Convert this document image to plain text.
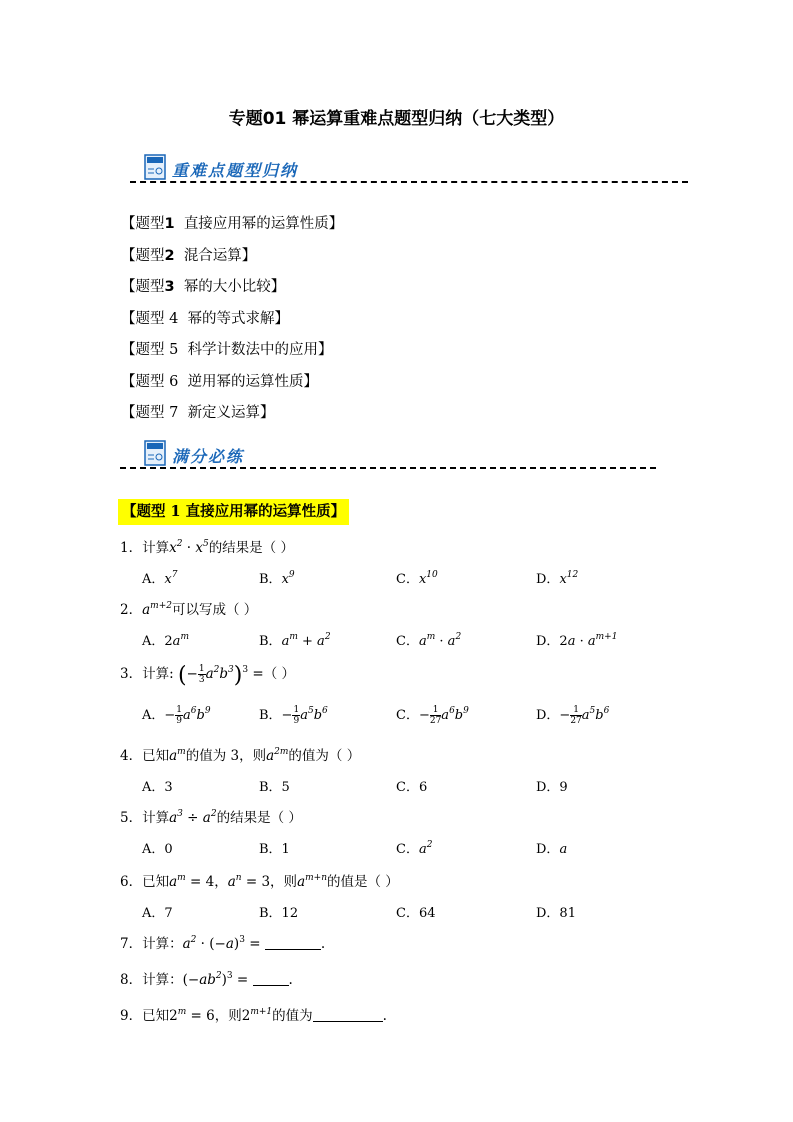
专题01 幂运算重难点题型归纳（七大类型）
重难点题型归纳
【题型1 直接应用幂的运算性质】
【题型2 混合运算】
【题型3 幂的大小比较】
【题型 4 幂的等式求解】
【题型 5 科学计数法中的应用】
【题型 6 逆用幂的运算性质】
【题型 7 新定义运算】
满分必练
【题型 1 直接应用幂的运算性质】
1．计算$x^2 \cdot x^5$的结果是（ ）
A．$x^7$	B．$x^9$	C．$x^{10}$	D．$x^{12}$
2．$a^{m+2}$可以写成（ ）
A．$2a^m$	B．$a^m + a^2$	C．$a^m \cdot a^2$	D．$2a \cdot a^{m+1}$
3．计算: (− $\frac{1}{3} a^2b^3)^3$ =（ ）
A．− $\frac{1}{9} a^6b^9$	B．− $\frac{1}{9} a^5b^6$	C．− $\frac{1}{27} a^6b^9$	D．− $\frac{1}{27} a^5b^6$
4．已知$a^m$的值为 3，则$a^{2m}$的值为（ ）
A．3	B．5	C．6	D．9
5．计算$a^3 \div a^2$的结果是（ ）
A．0	B．1	C．$a^2$	D．a
6．已知$a^m = 4$，$a^n = 3$，则$a^{m+n}$的值是（ ）
A．7	B．12	C．64	D．81
7．计算：$a^2 \cdot (-a)^3$ =	.
8．计算：$(-ab^2)^3$ =	.
9．已知$2^m = 6$，则$2^{m+1}$的值为	.
